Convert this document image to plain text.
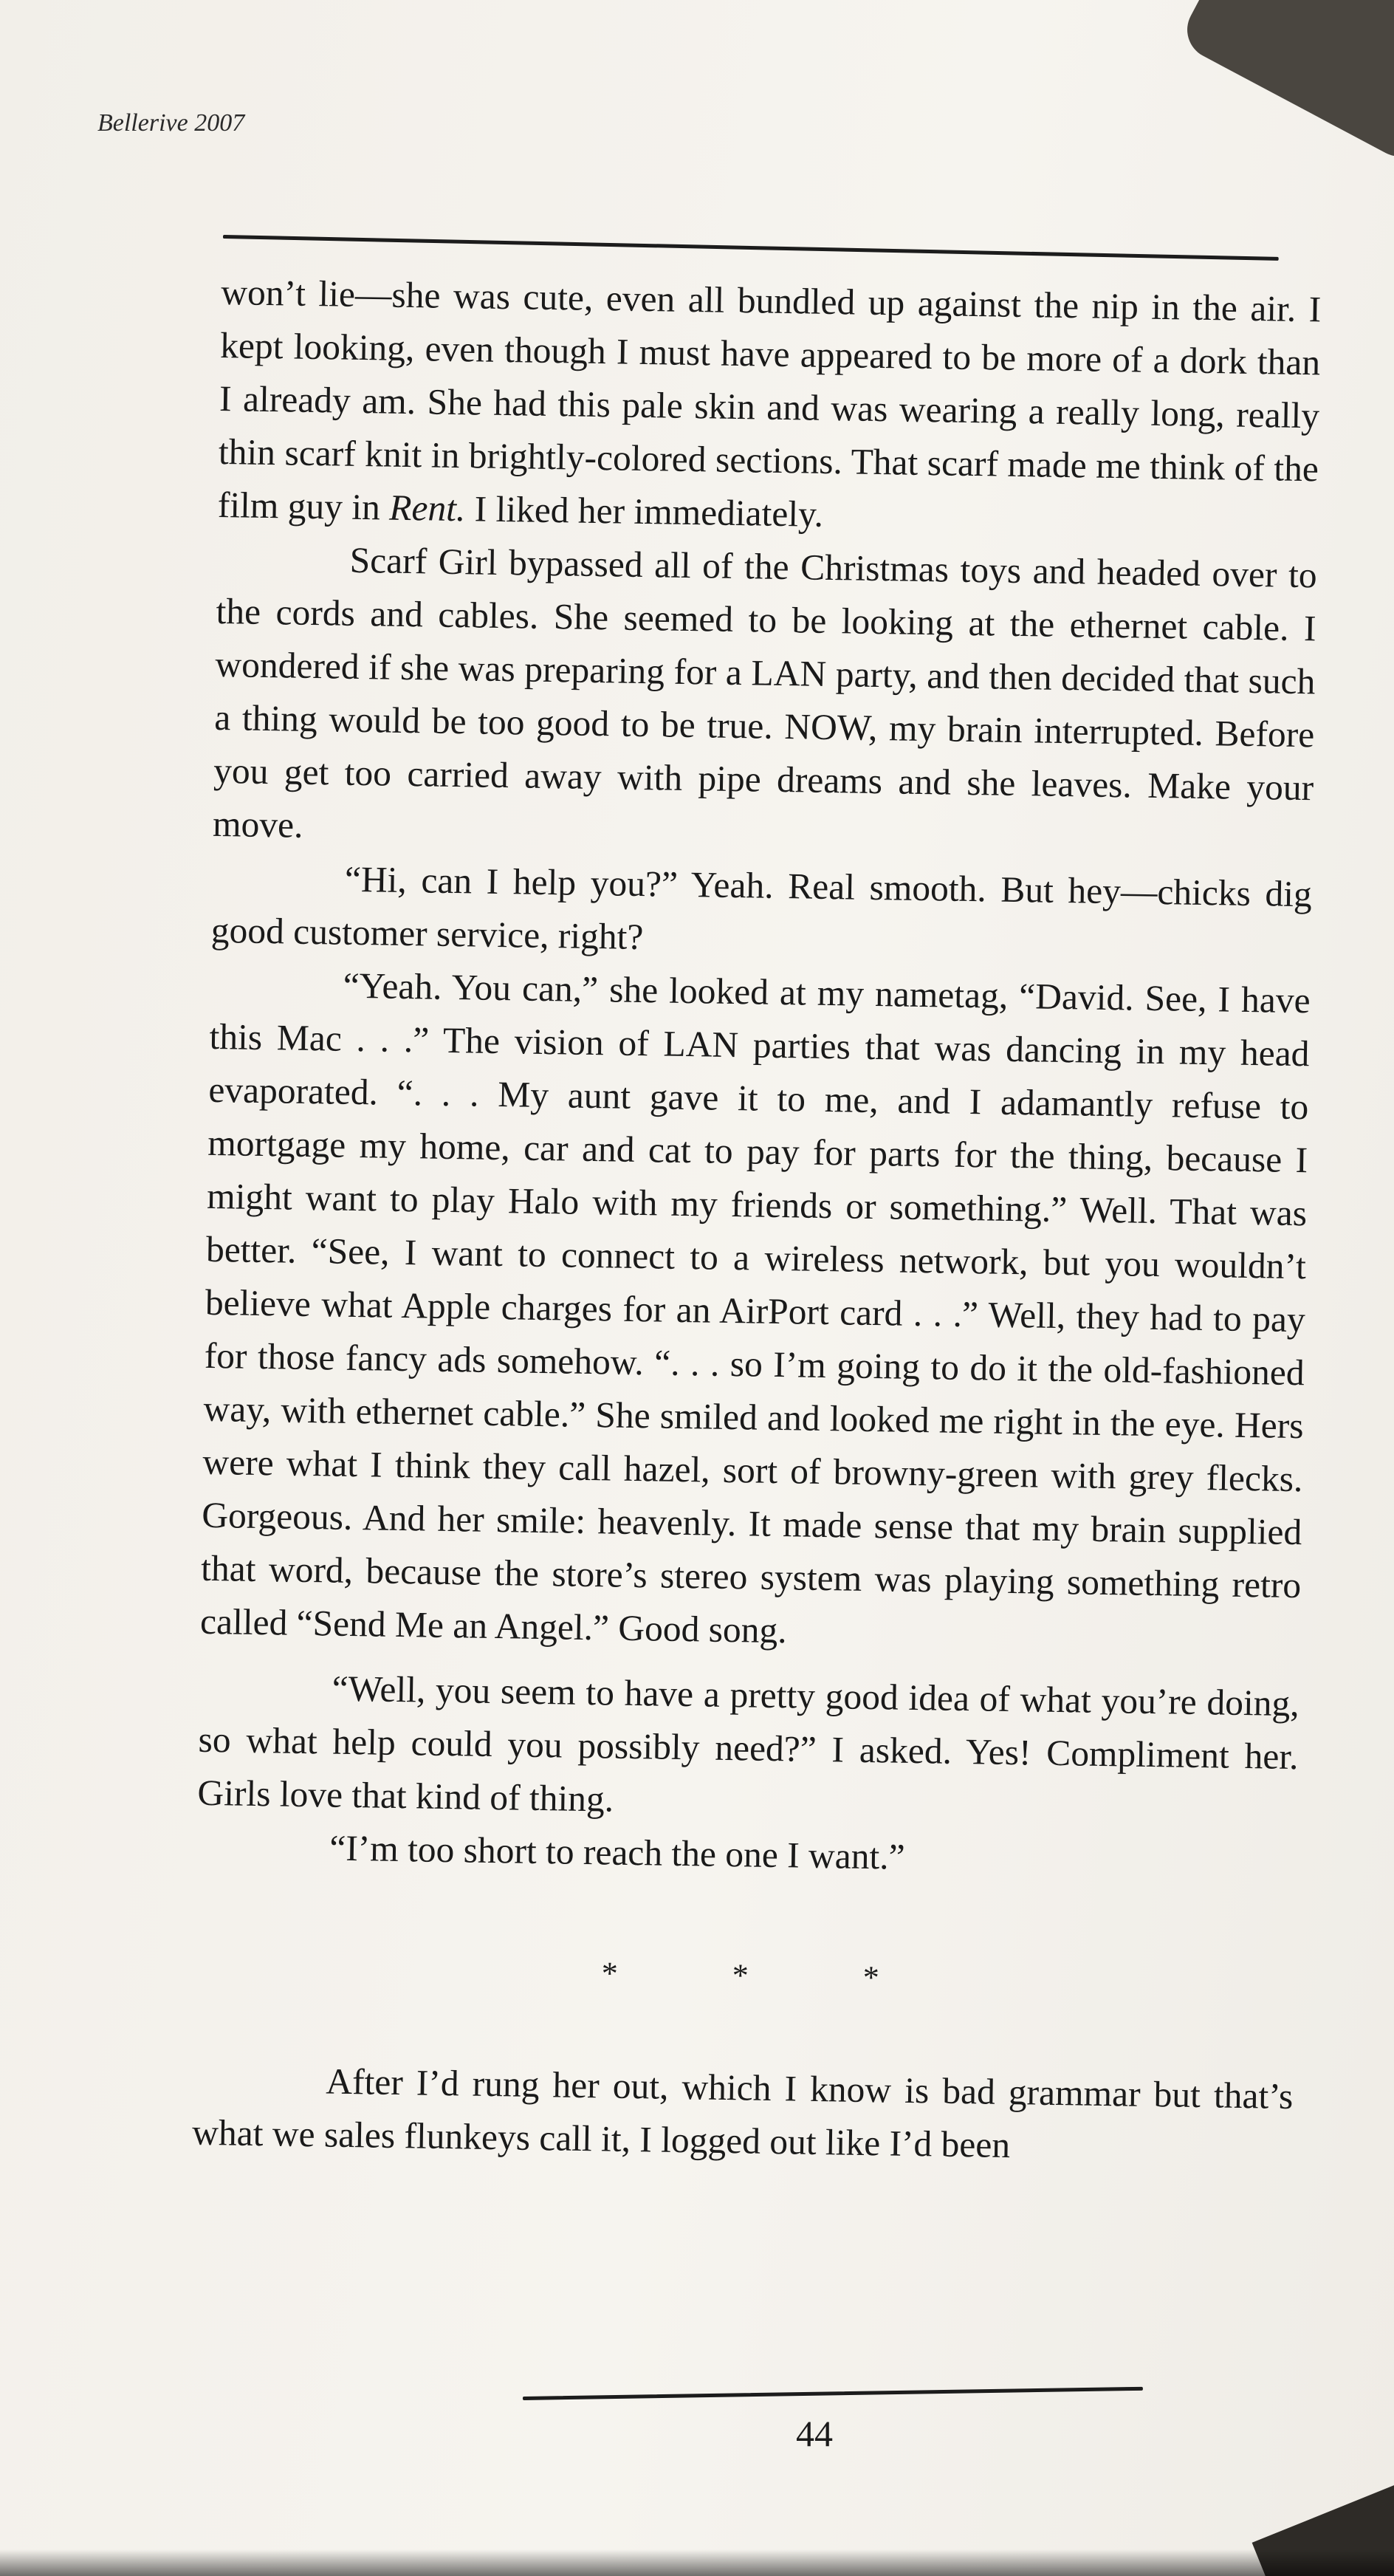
Bellerive 2007

won’t lie—she was cute, even all bundled up against the nip in the air. I kept looking, even though I must have appeared to be more of a dork than I already am. She had this pale skin and was wearing a really long, really thin scarf knit in brightly-colored sections. That scarf made me think of the film guy in Rent. I liked her immediately.

Scarf Girl bypassed all of the Christmas toys and headed over to the cords and cables. She seemed to be looking at the ethernet cable. I wondered if she was preparing for a LAN party, and then decided that such a thing would be too good to be true. NOW, my brain interrupted. Before you get too carried away with pipe dreams and she leaves. Make your move.

“Hi, can I help you?” Yeah. Real smooth. But hey—chicks dig good customer service, right?

“Yeah. You can,” she looked at my nametag, “David. See, I have this Mac . . .” The vision of LAN parties that was dancing in my head evaporated. “. . . My aunt gave it to me, and I adamantly refuse to mortgage my home, car and cat to pay for parts for the thing, because I might want to play Halo with my friends or something.” Well. That was better. “See, I want to connect to a wireless network, but you wouldn’t believe what Apple charges for an AirPort card . . .” Well, they had to pay for those fancy ads somehow. “. . . so I’m going to do it the old-fashioned way, with ethernet cable.” She smiled and looked me right in the eye. Hers were what I think they call hazel, sort of browny-green with grey flecks. Gorgeous. And her smile: heavenly. It made sense that my brain supplied that word, because the store’s stereo system was playing something retro called “Send Me an Angel.” Good song.

“Well, you seem to have a pretty good idea of what you’re doing, so what help could you possibly need?” I asked. Yes! Compliment her. Girls love that kind of thing.

“I’m too short to reach the one I want.”

* * *

After I’d rung her out, which I know is bad grammar but that’s what we sales flunkeys call it, I logged out like I’d been

44
